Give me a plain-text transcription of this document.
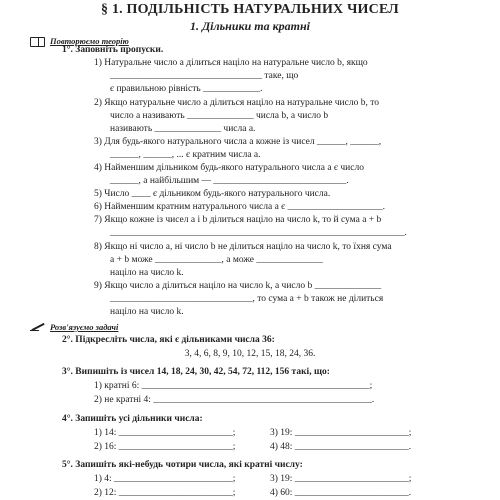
§ 1. ПОДІЛЬНІСТЬ НАТУРАЛЬНИХ ЧИСЕЛ
1. Дільники та кратні
Повторюємо теорію
1°. Заповніть пропуски.
1) Натуральне число a ділиться націло на натуральне число b, якщо
________________________________ таке, що
є правильною рівність ____________.
2) Якщо натуральне число a ділиться націло на натуральне число b, то
число a називають ______________ числа b, а число b
називають ______________ числа a.
3) Для будь-якого натурального числа a кожне із чисел ______, ______,
______, ______, ... є кратним числа a.
4) Найменшим дільником будь-якого натурального числа a є число
______, а найбільшим — ____________________________.
5) Число ____ є дільником будь-якого натурального числа.
6) Найменшим кратним натурального числа a є ____________________.
7) Якщо кожне із чисел a і b ділиться націло на число k, то й сума a + b
______________________________________________________________.
8) Якщо ні число a, ні число b не ділиться націло на число k, то їхня сума
a + b може ______________, а може ______________
націло на число k.
9) Якщо число a ділиться націло на число k, а число b ______________
______________________________, то сума a + b також не ділиться
націло на число k.
Розв'язуємо задачі
2°. Підкресліть числа, які є дільниками числа 36:
3, 4, 6, 8, 9, 10, 12, 15, 18, 24, 36.
3°. Випишіть із чисел 14, 18, 24, 30, 42, 54, 72, 112, 156 такі, що:
1) кратні 6: ________________________________________________;
2) не кратні 4: ______________________________________________.
4°. Запишіть усі дільники числа:
1) 14: ________________________;	3) 19: ________________________;
2) 16: ________________________;	4) 48: ________________________.
5°. Запишіть які-небудь чотири числа, які кратні числу:
1) 4: _________________________;	3) 19: ________________________;
2) 12: ________________________;	4) 60: ________________________.
